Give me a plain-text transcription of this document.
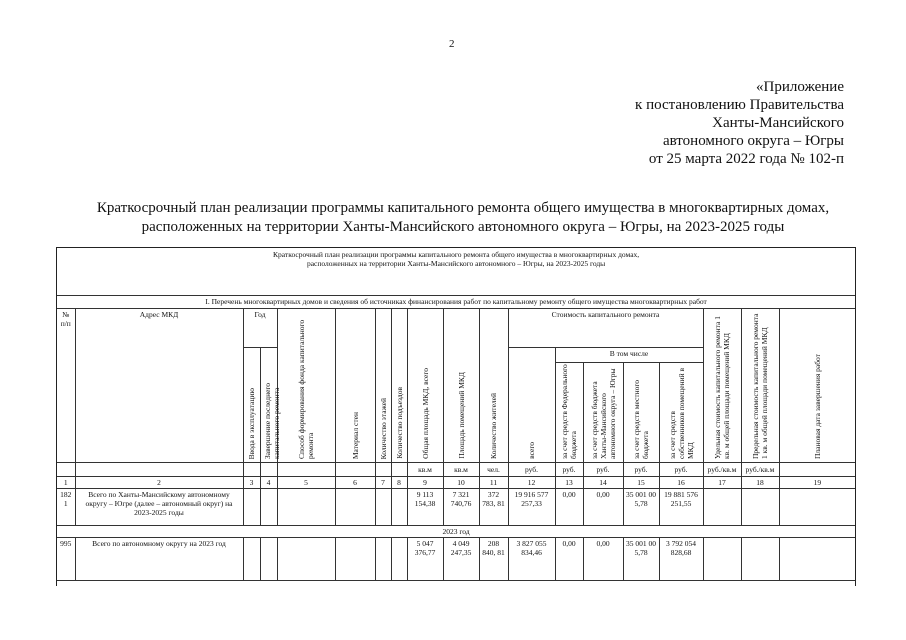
2
«Приложение
к постановлению Правительства
Ханты-Мансийского
автономного округа – Югры
от 25 марта 2022 года № 102-п
Краткосрочный план реализации программы капитального ремонта общего имущества в многоквартирных домах,
расположенных на территории Ханты-Мансийского автономного округа – Югры, на 2023-2025 годы
Краткосрочный план реализации программы капитального ремонта общего имущества в многоквартирных домах,
расположенных на территории Ханты-Мансийского автономного – Югры, на 2023-2025 годы																		

I. Перечень многоквартирных домов и сведения об источниках финансирования работ по капитальному ремонту общего имущества многоквартирных работ																		
№ п/п	Адрес МКД	Год		Способ формирования фонда капитального ремонта	Материал стен	Количество этажей	Количество подъездов	Общая площадь МКД, всего	Площадь помещений МКД	Количество жителей	Стоимость капитального ремонта					Удельная стоимость капитального ремонта 1 кв. м общей площади помещений МКД	Предельная стоимость капитального ремонта 1 кв. м общей площади помещений МКД	Плановая дата завершения работ

		Ввода в эксплуатацию	Завершение последнего капитального ремонта								всего	В том числе						

												за счет средств Федерального бюджета	за счет средств бюджета Ханты-Мансийского автономного округа – Югры	за счет средств местного бюджета	за счет средств собственников помещений в МКД			

								кв.м	кв.м	чел.	руб.	руб.	руб.	руб.	руб.	руб./кв.м	руб./кв.м	
1	2	3	4	5	6	7	8	9	10	11	12	13	14	15	16	17	18	19
1821	Всего по Ханты-Мансийскому автономному округу – Югре (далее – автономный округ) на 2023-2025 годы							9 113 154,38	7 321 740,76	372 783, 81	19 916 577 257,33	0,00	0,00	35 001 005,78	19 881 576 251,55			
2023 год																		
995	Всего по автономному округу на 2023 год							5 047 376,77	4 049 247,35	208 840, 81	3 827 055 834,46	0,00	0,00	35 001 005,78	3 792 054 828,68			
